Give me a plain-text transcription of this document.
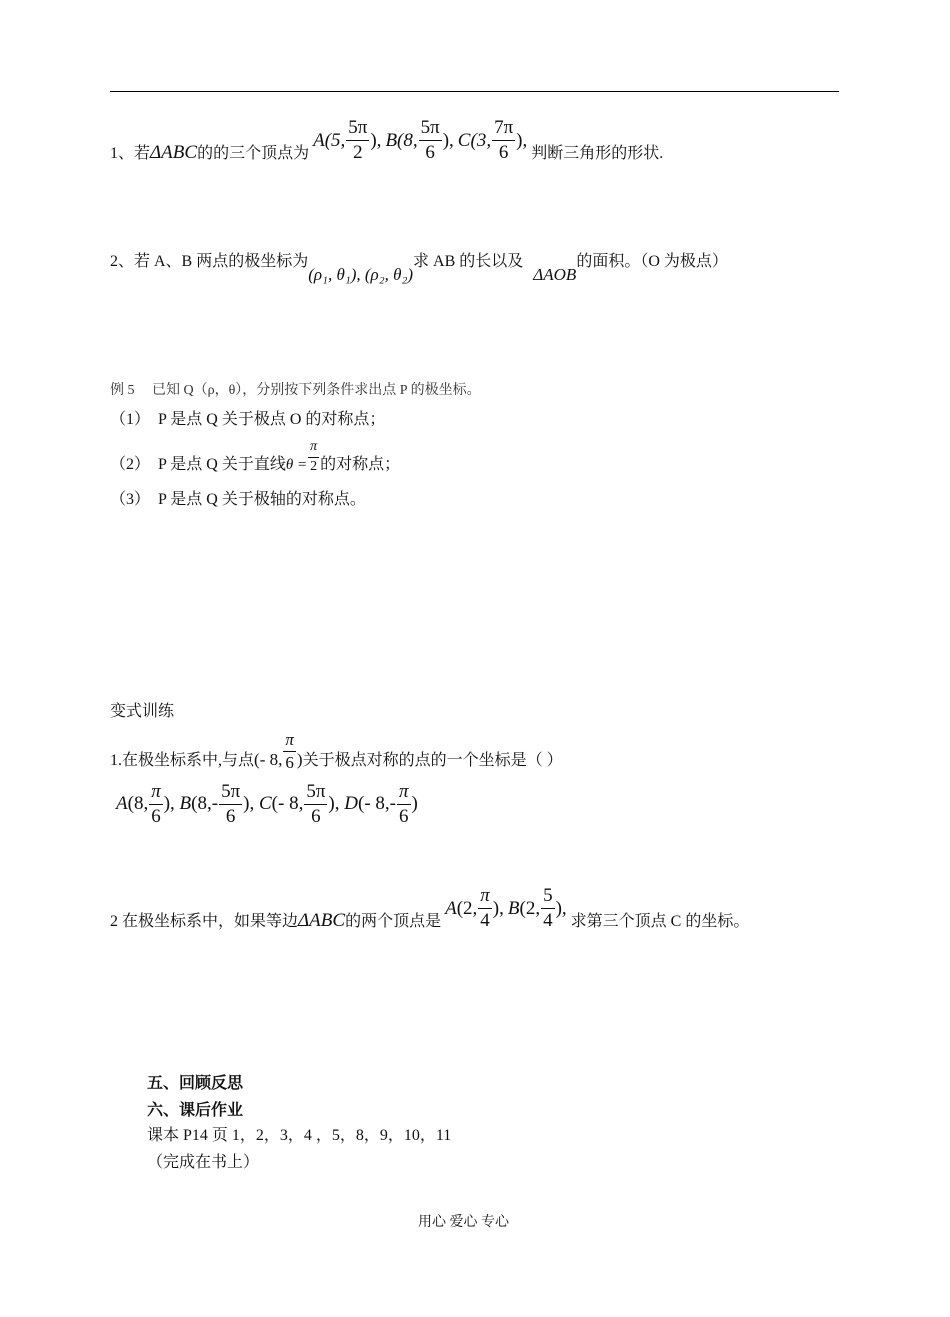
1、若ΔABC的的三个顶点为 A(5, $\frac{5\pi}{2}$ ), B(8, $\frac{5\pi}{6}$ ), C(3, $\frac{7\pi}{6}$ ), 判断三角形的形状.
2、若 A、B 两点的极坐标为(ρ₁, θ₁), (ρ₂, θ₂)求 AB 的长以及ΔAOB的面积。（O 为极点）
例 5　 已知 Q（ρ，θ），分别按下列条件求出点 P 的极坐标。
（1）　P 是点 Q 关于极点 O 的对称点；
（2）　P 是点 Q 关于直线$\theta = \frac{\pi}{2}$ 的对称点；
（3）　P 是点 Q 关于极轴的对称点。
变式训练
1.在极坐标系中,与点(- 8, $\frac{\pi}{6}$ )关于极点对称的点的一个坐标是（ ）
A(8, $\frac{\pi}{6}$ ), $B(8,- \frac{5\pi}{6}$ ), C(- 8, $\frac{5\pi}{6}$ ), D(- $8,- \frac{\pi}{6}$ )
2 在极坐标系中，如果等边ΔABC的两个顶点是 A(2, $\frac{\pi}{4}$ ), B(2, $\frac{5}{4}$ ), 求第三个顶点 C 的坐标。
五、回顾反思
六、课后作业
课本 P14 页 1，2，3，4 ，5，8，9，10，11
（完成在书上）
用心 爱心 专心
